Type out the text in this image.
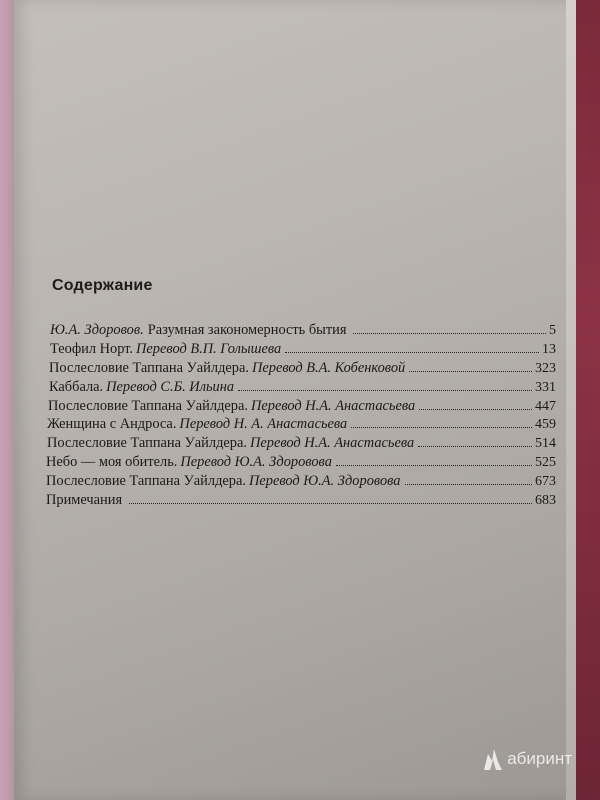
Содержание
Ю.А. Здоровов. Разумная закономерность бытия	5
Теофил Норт. Перевод В.П. Голышева	13
Послесловие Таппана Уайлдера. Перевод В.А. Кобенковой	323
Каббала. Перевод С.Б. Ильина	331
Послесловие Таппана Уайлдера. Перевод Н.А. Анастасьева	447
Женщина с Андроса. Перевод Н. А. Анастасьева	459
Послесловие Таппана Уайлдера. Перевод Н.А. Анастасьева	514
Небо — моя обитель. Перевод Ю.А. Здоровова	525
Послесловие Таппана Уайлдера. Перевод Ю.А. Здоровова	673
Примечания	683
абиринт
